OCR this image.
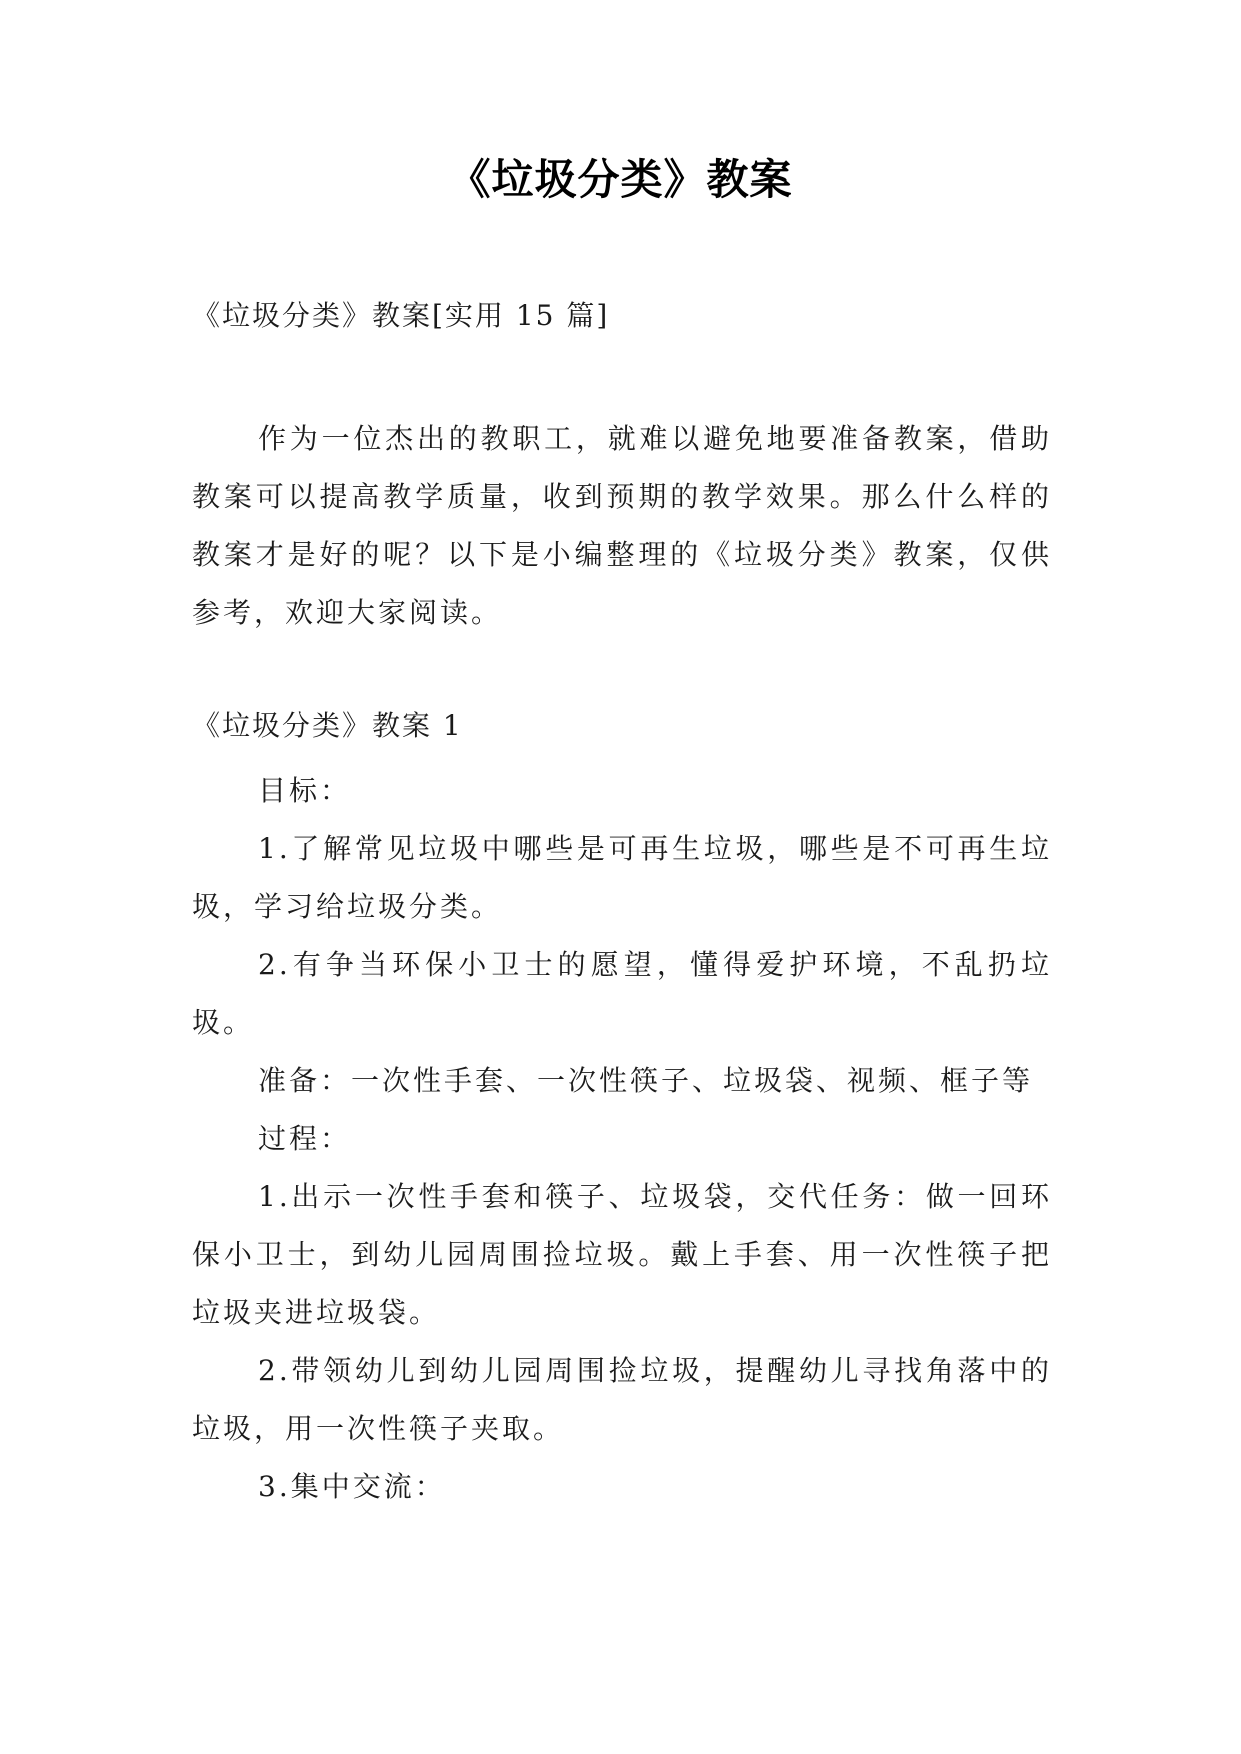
《垃圾分类》教案
《垃圾分类》教案[实用 15 篇]

作为一位杰出的教职工，就难以避免地要准备教案，借助教案可以提高教学质量，收到预期的教学效果。那么什么样的教案才是好的呢？以下是小编整理的《垃圾分类》教案，仅供参考，欢迎大家阅读。

《垃圾分类》教案 1

目标：

1.了解常见垃圾中哪些是可再生垃圾，哪些是不可再生垃圾，学习给垃圾分类。

2.有争当环保小卫士的愿望，懂得爱护环境，不乱扔垃圾。

准备：一次性手套、一次性筷子、垃圾袋、视频、框子等

过程：

1.出示一次性手套和筷子、垃圾袋，交代任务：做一回环保小卫士，到幼儿园周围捡垃圾。戴上手套、用一次性筷子把垃圾夹进垃圾袋。

2.带领幼儿到幼儿园周围捡垃圾，提醒幼儿寻找角落中的垃圾，用一次性筷子夹取。

3.集中交流：
